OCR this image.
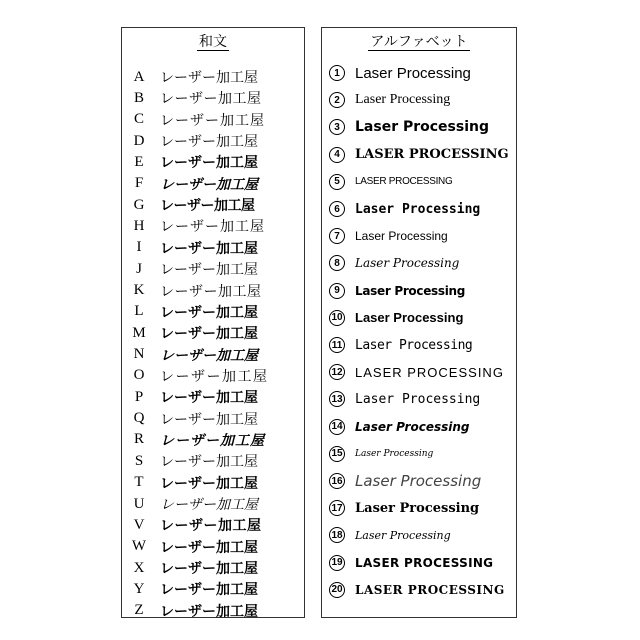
和文
A レーザー加工屋
B レーザー加工屋
C レーザー加工屋
D レーザー加工屋
E	レーザー加工屋
F	レーザー加工屋
G レーザー加工屋
H レーザー加工屋
I	レーザー加工屋
J	レーザー加工屋
K レーザー加工屋
L	レーザー加工屋
M レーザー加工屋
N レーザー加工屋
O レーザー加工屋
P	レーザー加工屋
Q レーザー加工屋
R レーザー加工屋
S	レーザー加工屋
T	レーザー加工屋
U レーザー加工屋
V レーザー加工屋
W レーザー加工屋
X レーザー加工屋
Y レーザー加工屋
Z	レーザー加工屋
アルファベット
1	Laser Processing
2	Laser Processing
3	Laser Processing
4	LASER PROCESSING
5	LASER PROCESSING
6	Laser Processing
7	Laser Processing
8	Laser Processing
9	Laser Processing
10 Laser Processing
11 Laser Processing
12 LASER PROCESSING
13 Laser Processing
14 Laser Processing
15 Laser Processing
16 Laser Processing
17 Laser Processing
18 Laser Processing
19 LASER PROCESSING
20 LASER PROCESSING
